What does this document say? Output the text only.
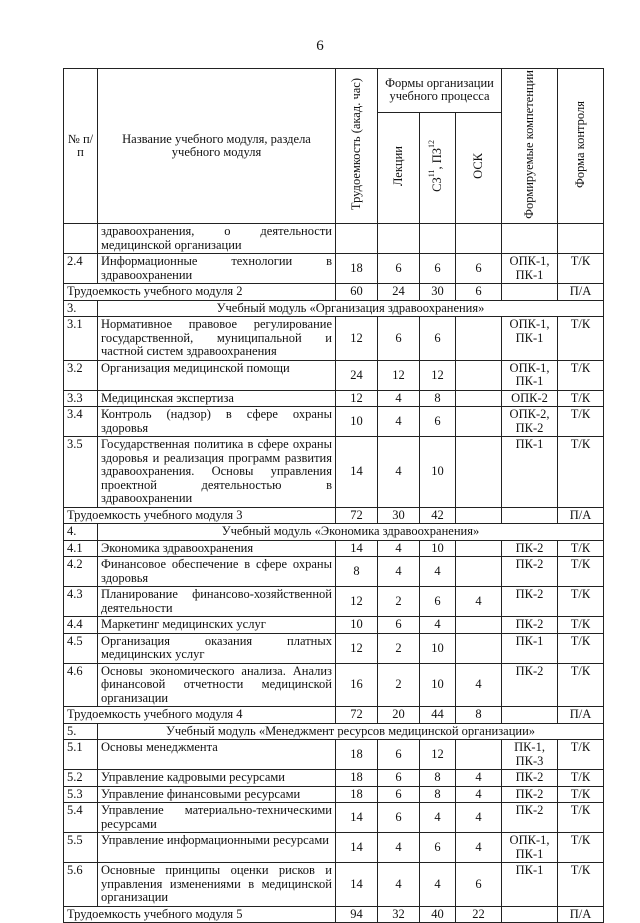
6
№ п/п	Название учебного модуля, раздела учебного модуля	Трудоемкость (акад. час)	Формы организации учебного процесса			Формируемые компетенции	Форма контроля
			Лекции	СЗ$^{11}$, ПЗ$^{12}$	ОСК		
	здравоохранения, о деятельности медицинской организации						
2.4	Информационные технологии в здравоохранении	18	6	6	6	ОПК-1, ПК-1	Т/К
Трудоемкость учебного модуля 2		60	24	30	6		П/А
3.	Учебный модуль «Организация здравоохранения»						
3.1	Нормативное правовое регулирование государственной, муниципальной и частной систем здравоохранения	12	6	6		ОПК-1, ПК-1	Т/К
3.2	Организация медицинской помощи	24	12	12		ОПК-1, ПК-1	Т/К
3.3	Медицинская экспертиза	12	4	8		ОПК-2	Т/К
3.4	Контроль (надзор) в сфере охраны здоровья	10	4	6		ОПК-2, ПК-2	Т/К
3.5	Государственная политика в сфере охраны здоровья и реализация программ развития здравоохранения. Основы управления проектной деятельностью в здравоохранении	14	4	10		ПК-1	Т/К
Трудоемкость учебного модуля 3		72	30	42			П/А
4.	Учебный модуль «Экономика здравоохранения»						
4.1	Экономика здравоохранения	14	4	10		ПК-2	Т/К
4.2	Финансовое обеспечение в сфере охраны здоровья	8	4	4		ПК-2	Т/К
4.3	Планирование финансово-хозяйственной деятельности	12	2	6	4	ПК-2	Т/К
4.4	Маркетинг медицинских услуг	10	6	4		ПК-2	Т/К
4.5	Организация оказания платных медицинских услуг	12	2	10		ПК-1	Т/К
4.6	Основы экономического анализа. Анализ финансовой отчетности медицинской организации	16	2	10	4	ПК-2	Т/К
Трудоемкость учебного модуля 4		72	20	44	8		П/А
5.	Учебный модуль «Менеджмент ресурсов медицинской организации»						
5.1	Основы менеджмента	18	6	12		ПК-1, ПК-3	Т/К
5.2	Управление кадровыми ресурсами	18	6	8	4	ПК-2	Т/К
5.3	Управление финансовыми ресурсами	18	6	8	4	ПК-2	Т/К
5.4	Управление материально-техническими ресурсами	14	6	4	4	ПК-2	Т/К
5.5	Управление информационными ресурсами	14	4	6	4	ОПК-1, ПК-1	Т/К
5.6	Основные принципы оценки рисков и управления изменениями в медицинской организации	14	4	4	6	ПК-1	Т/К
Трудоемкость учебного модуля 5		94	32	40	22		П/А
